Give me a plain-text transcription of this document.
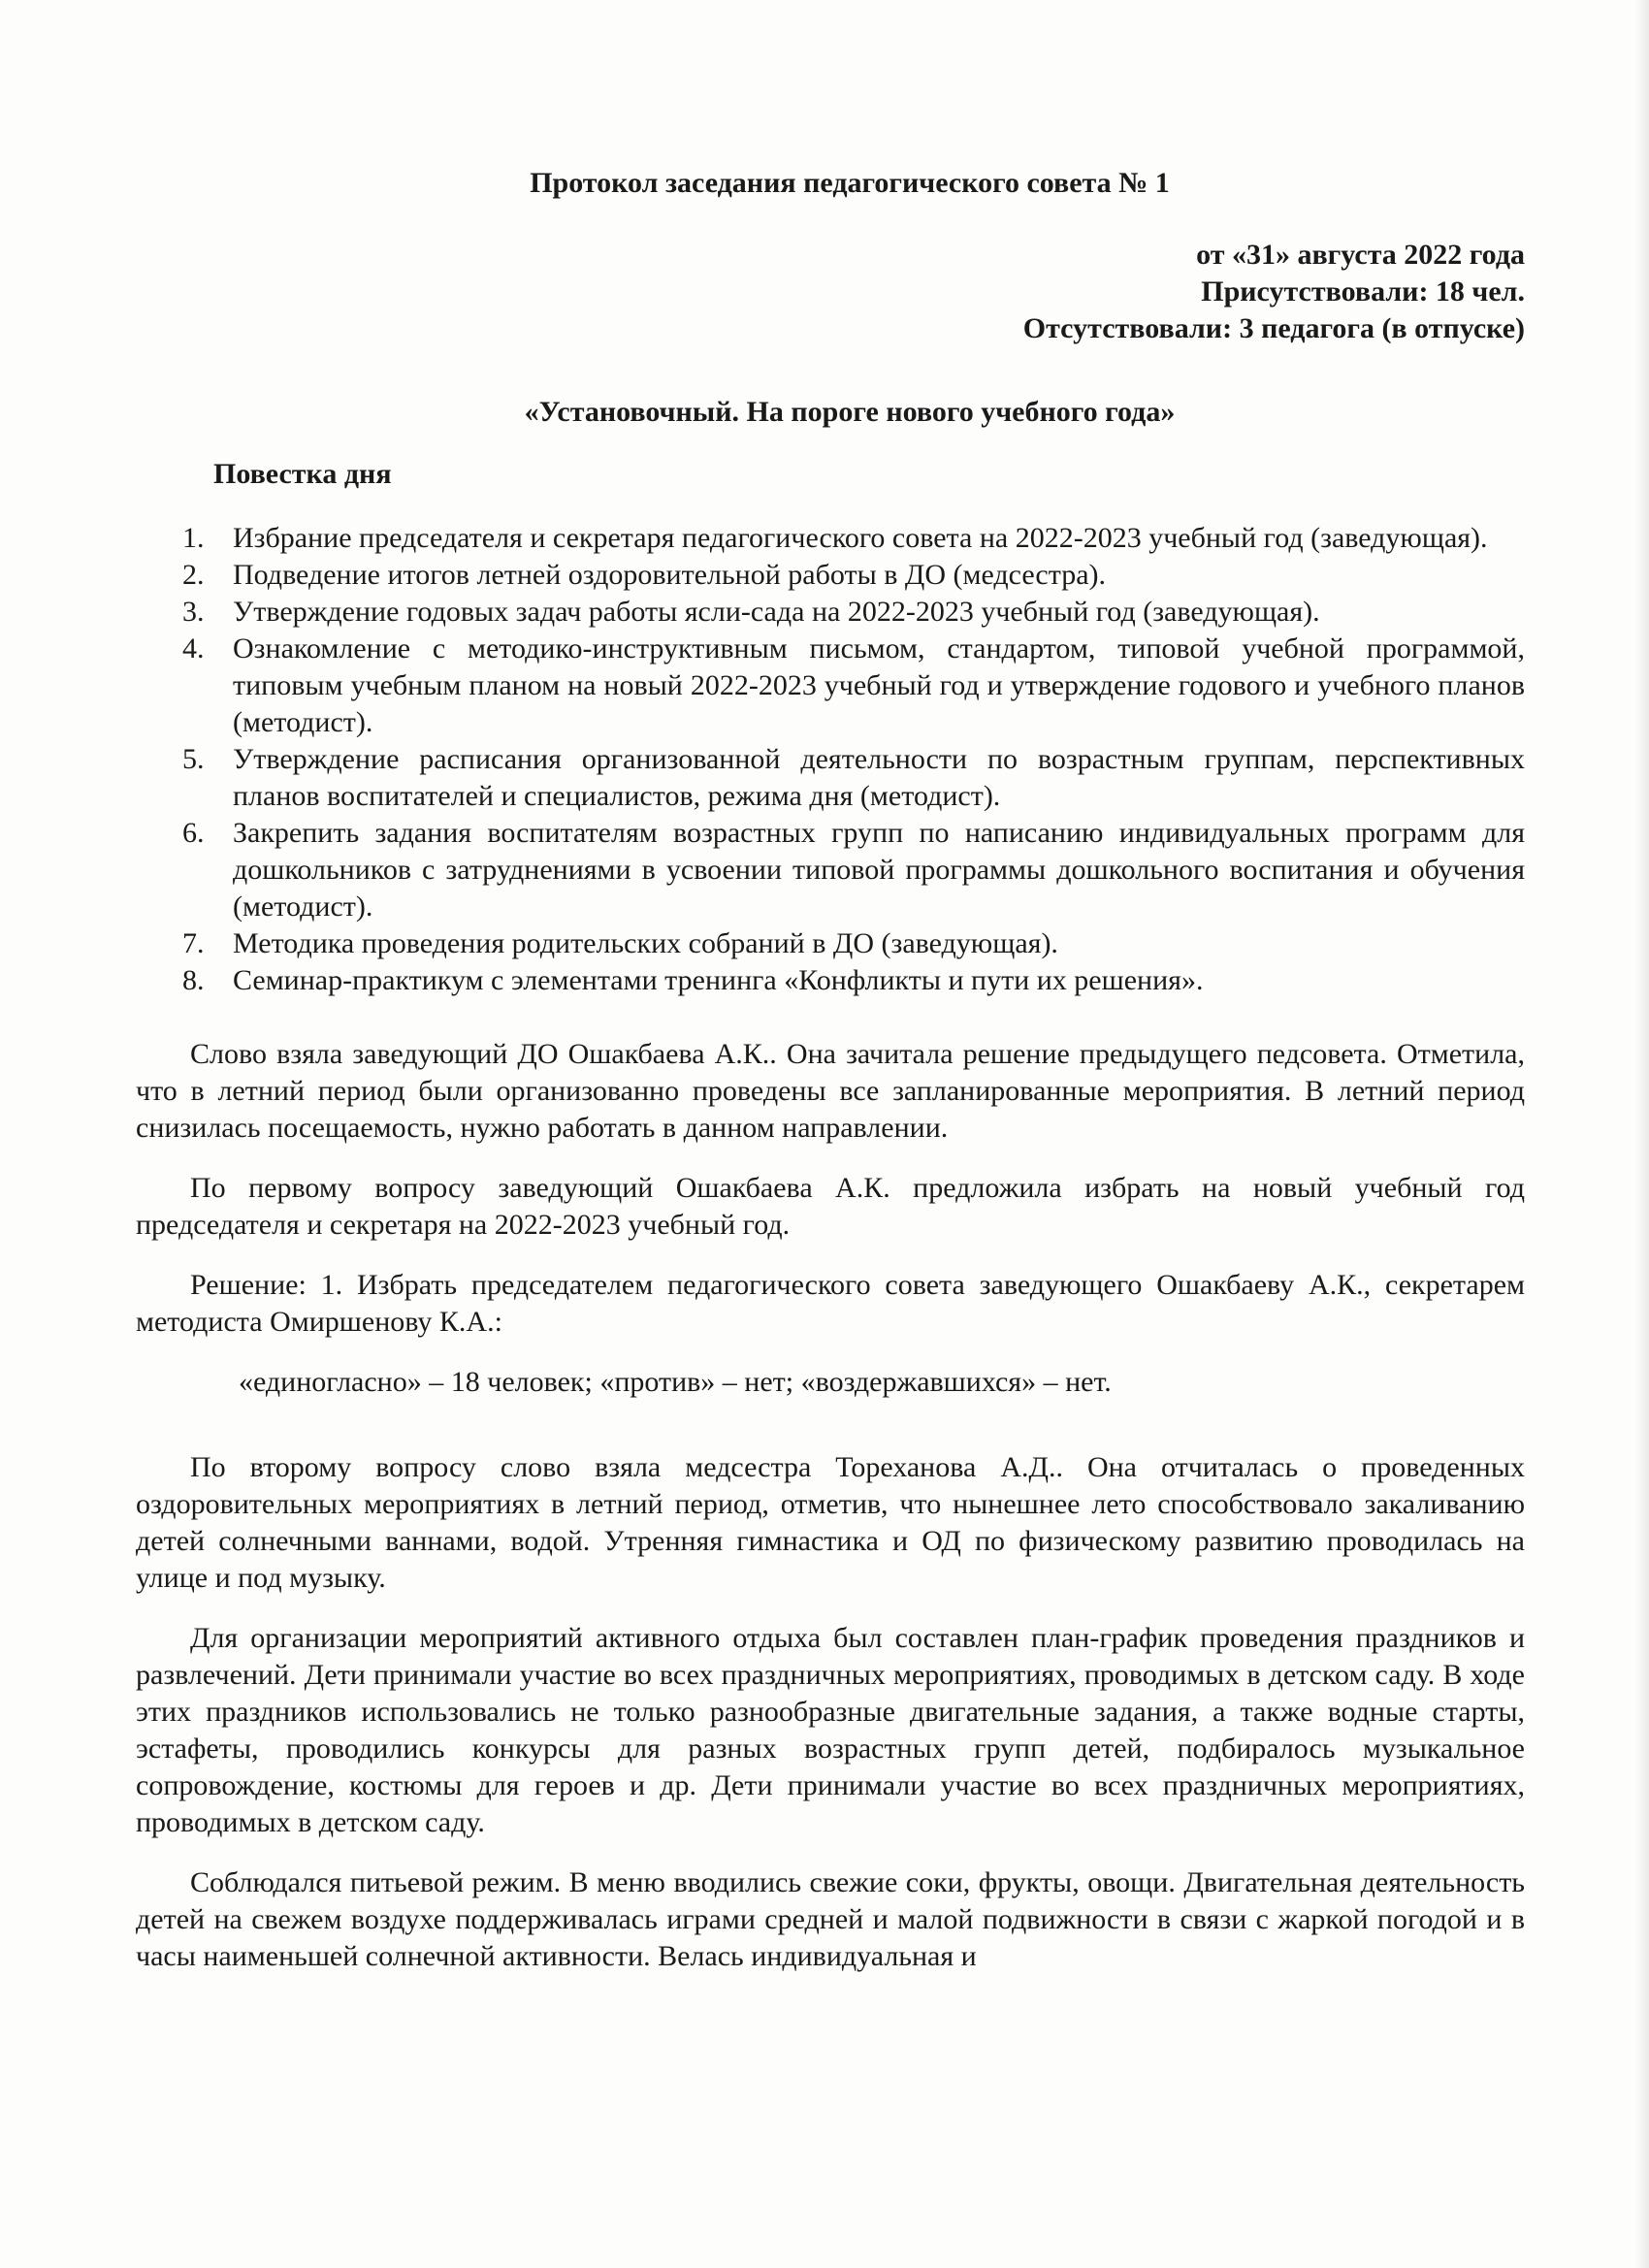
Протокол заседания педагогического совета № 1
от «31» августа 2022 года
Присутствовали: 18 чел.
Отсутствовали: 3 педагога (в отпуске)
«Установочный. На пороге нового учебного года»
Повестка дня
1. Избрание председателя и секретаря педагогического совета на 2022-2023 учебный год (заведующая).
2. Подведение итогов летней оздоровительной работы в ДО (медсестра).
3. Утверждение годовых задач работы ясли-сада на 2022-2023 учебный год (заведующая).
4. Ознакомление с методико-инструктивным письмом, стандартом, типовой учебной программой, типовым учебным планом на новый 2022-2023 учебный год и утверждение годового и учебного планов (методист).
5. Утверждение расписания организованной деятельности по возрастным группам, перспективных планов воспитателей и специалистов, режима дня (методист).
6. Закрепить задания воспитателям возрастных групп по написанию индивидуальных программ для дошкольников с затруднениями в усвоении типовой программы дошкольного воспитания и обучения (методист).
7. Методика проведения родительских собраний в ДО (заведующая).
8. Семинар-практикум с элементами тренинга «Конфликты и пути их решения».

Слово взяла заведующий ДО Ошакбаева А.К.. Она зачитала решение предыдущего педсовета. Отметила, что в летний период были организованно проведены все запланированные мероприятия. В летний период снизилась посещаемость, нужно работать в данном направлении.

По первому вопросу заведующий Ошакбаева А.К. предложила избрать на новый учебный год председателя и секретаря на 2022-2023 учебный год.

Решение: 1. Избрать председателем педагогического совета заведующего Ошакбаеву А.К., секретарем методиста Омиршенову К.А.:

«единогласно» – 18 человек; «против» – нет; «воздержавшихся» – нет.

По второму вопросу слово взяла медсестра Тореханова А.Д.. Она отчиталась о проведенных оздоровительных мероприятиях в летний период, отметив, что нынешнее лето способствовало закаливанию детей солнечными ваннами, водой. Утренняя гимнастика и ОД по физическому развитию проводилась на улице и под музыку.

Для организации мероприятий активного отдыха был составлен план-график проведения праздников и развлечений. Дети принимали участие во всех праздничных мероприятиях, проводимых в детском саду. В ходе этих праздников использовались не только разнообразные двигательные задания, а также водные старты, эстафеты, проводились конкурсы для разных возрастных групп детей, подбиралось музыкальное сопровождение, костюмы для героев и др. Дети принимали участие во всех праздничных мероприятиях, проводимых в детском саду.

Соблюдался питьевой режим. В меню вводились свежие соки, фрукты, овощи. Двигательная деятельность детей на свежем воздухе поддерживалась играми средней и малой подвижности в связи с жаркой погодой и в часы наименьшей солнечной активности. Велась индивидуальная и
